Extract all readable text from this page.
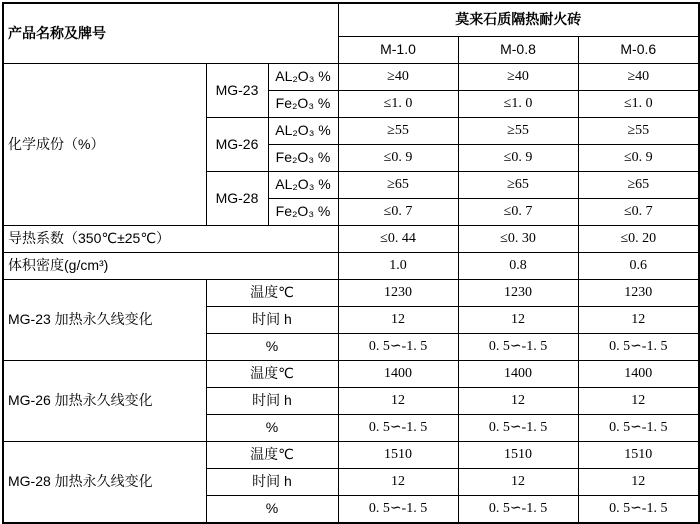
产品名称及牌号			莫来石质隔热耐火砖		
			M-1.0	M-0.8	M-0.6
化学成份（%）	MG-23	AL₂O₃ %	≥40	≥40	≥40
		Fe₂O₃ %	≤1. 0	≤1. 0	≤1. 0
	MG-26	AL₂O₃ %	≥55	≥55	≥55
		Fe₂O₃ %	≤0. 9	≤0. 9	≤0. 9
	MG-28	AL₂O₃ %	≥65	≥65	≥65
		Fe₂O₃ %	≤0. 7	≤0. 7	≤0. 7
导热系数（350℃±25℃）			≤0. 44	≤0. 30	≤0. 20
体积密度(g/cm³)			1.0	0.8	0.6
MG-23 加热永久线变化	温度℃		1230	1230	1230
	时间 h		12	12	12
	%		0. 5∽-1. 5	0. 5∽-1. 5	0. 5∽-1. 5
MG-26 加热永久线变化	温度℃		1400	1400	1400
	时间 h		12	12	12
	%		0. 5∽-1. 5	0. 5∽-1. 5	0. 5∽-1. 5
MG-28 加热永久线变化	温度℃		1510	1510	1510
	时间 h		12	12	12
	%		0. 5∽-1. 5	0. 5∽-1. 5	0. 5∽-1. 5
